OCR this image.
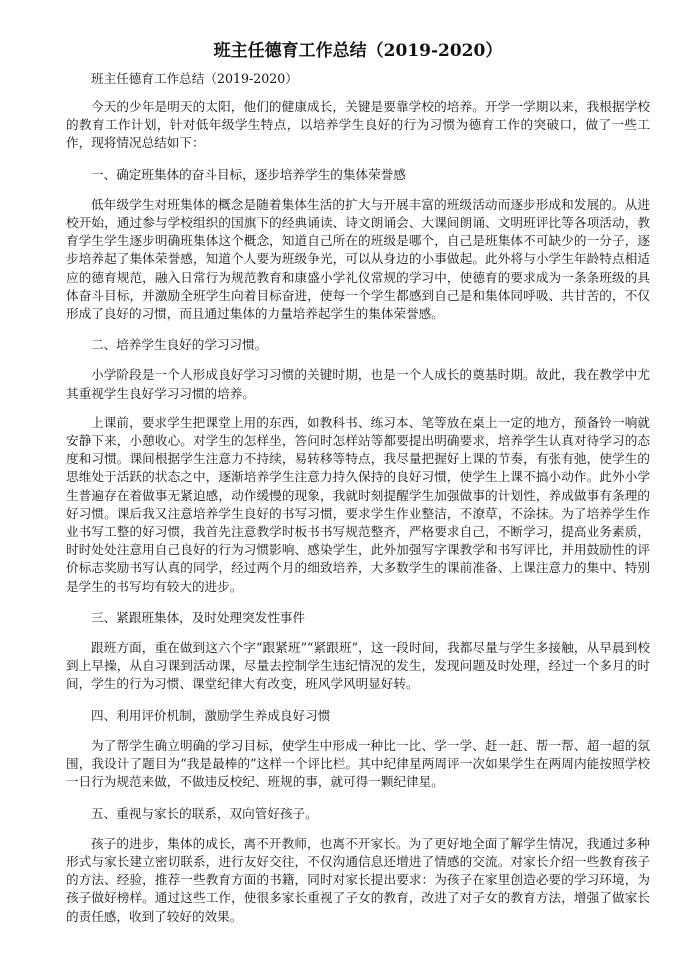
班主任德育工作总结（2019-2020）
班主任德育工作总结（2019-2020）

今天的少年是明天的太阳，他们的健康成长，关键是要靠学校的培养。开学一学期以来，我根据学校的教育工作计划，针对低年级学生特点，以培养学生良好的行为习惯为德育工作的突破口，做了一些工作，现将情况总结如下：

一、确定班集体的奋斗目标，逐步培养学生的集体荣誉感

低年级学生对班集体的概念是随着集体生活的扩大与开展丰富的班级活动而逐步形成和发展的。从进校开始，通过参与学校组织的国旗下的经典诵读、诗文朗诵会、大课间朗诵、文明班评比等各项活动，教育学生学生逐步明确班集体这个概念，知道自己所在的班级是哪个，自己是班集体不可缺少的一分子，逐步培养起了集体荣誉感，知道个人要为班级争光，可以从身边的小事做起。此外将与小学生年龄特点相适应的德育规范，融入日常行为规范教育和康盛小学礼仪常规的学习中，使德育的要求成为一条条班级的具体奋斗目标，并激励全班学生向着目标奋进，使每一个学生都感到自己是和集体同呼吸、共甘苦的，不仅形成了良好的习惯，而且通过集体的力量培养起学生的集体荣誉感。

二、培养学生良好的学习习惯。

小学阶段是一个人形成良好学习习惯的关键时期，也是一个人成长的奠基时期。故此，我在教学中尤其重视学生良好学习习惯的培养。

上课前，要求学生把课堂上用的东西，如教科书、练习本、笔等放在桌上一定的地方，预备铃一响就安静下来，小憩收心。对学生的怎样坐，答问时怎样站等都要提出明确要求，培养学生认真对待学习的态度和习惯。课间根据学生注意力不持续，易转移等特点，我尽量把握好上课的节奏，有张有弛，使学生的思维处于活跃的状态之中，逐渐培养学生注意力持久保持的良好习惯，使学生上课不搞小动作。此外小学生普遍存在着做事无紧迫感，动作缓慢的现象，我就时刻提醒学生加强做事的计划性，养成做事有条理的好习惯。课后我又注意培养学生良好的书写习惯，要求学生作业整洁，不潦草，不涂抹。为了培养学生作业书写工整的好习惯，我首先注意教学时板书书写规范整齐，严格要求自己，不断学习，提高业务素质，时时处处注意用自己良好的行为习惯影响、感染学生，此外加强写字课教学和书写评比，并用鼓励性的评价标志奖励书写认真的同学，经过两个月的细致培养，大多数学生的课前准备、上课注意力的集中、特别是学生的书写均有较大的进步。

三、紧跟班集体，及时处理突发性事件

跟班方面，重在做到这六个字“跟紧班”“紧跟班”，这一段时间，我都尽量与学生多接触，从早晨到校到上早操，从自习课到活动课，尽量去控制学生违纪情况的发生，发现问题及时处理，经过一个多月的时间，学生的行为习惯、课堂纪律大有改变，班风学风明显好转。

四、利用评价机制，激励学生养成良好习惯

为了帮学生确立明确的学习目标，使学生中形成一种比一比、学一学、赶一赶、帮一帮、超一超的氛围，我设计了题目为“我是最棒的”这样一个评比栏。其中纪律星两周评一次如果学生在两周内能按照学校一日行为规范来做，不做违反校纪、班规的事，就可得一颗纪律星。

五、重视与家长的联系，双向管好孩子。

孩子的进步，集体的成长，离不开教师，也离不开家长。为了更好地全面了解学生情况，我通过多种形式与家长建立密切联系，进行友好交往，不仅沟通信息还增进了情感的交流。对家长介绍一些教育孩子的方法、经验，推荐一些教育方面的书籍，同时对家长提出要求：为孩子在家里创造必要的学习环境，为孩子做好榜样。通过这些工作，使很多家长重视了子女的教育，改进了对子女的教育方法，增强了做家长的责任感，收到了较好的效果。
